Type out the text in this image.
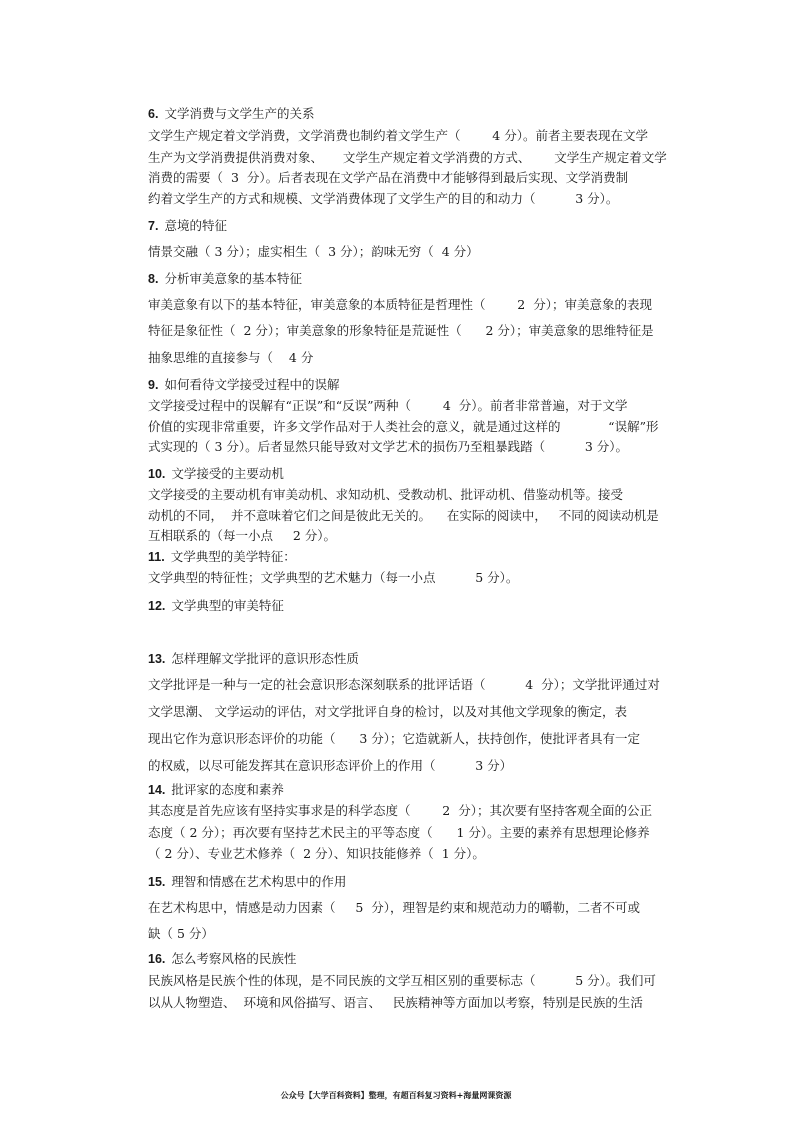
6. 文学消费与文学生产的关系
文学生产规定着文学消费，文学消费也制约着文学生产（        4 分）。前者主要表现在文学
生产为文学消费提供消费对象、     文学生产规定着文学消费的方式、      文学生产规定着文学
消费的需要（  3  分）。后者表现在文学产品在消费中才能够得到最后实现、文学消费制
约着文学生产的方式和规模、文学消费体现了文学生产的目的和动力（          3 分）。
7. 意境的特征
情景交融（ 3 分）；虚实相生（  3 分）；韵味无穷（  4 分）
8. 分析审美意象的基本特征
审美意象有以下的基本特征，审美意象的本质特征是哲理性（        2  分）；审美意象的表现
特征是象征性（  2 分）；审美意象的形象特征是荒诞性（      2 分）；审美意象的思维特征是
抽象思维的直接参与（    4 分
9. 如何看待文学接受过程中的误解
文学接受过程中的误解有“正误”和“反误”两种（        4  分）。前者非常普遍，对于文学
价值的实现非常重要，许多文学作品对于人类社会的意义，就是通过这样的            “误解”形
式实现的（ 3 分）。后者显然只能导致对文学艺术的损伤乃至粗暴践踏（          3 分）。
10. 文学接受的主要动机
文学接受的主要动机有审美动机、求知动机、受教动机、批评动机、借鉴动机等。接受
动机的不同，  并不意味着它们之间是彼此无关的。    在实际的阅读中，   不同的阅读动机是
互相联系的（每一小点     2 分）。
11. 文学典型的美学特征：
文学典型的特征性；文学典型的艺术魅力（每一小点          5 分）。
12. 文学典型的审美特征
13. 怎样理解文学批评的意识形态性质
文学批评是一种与一定的社会意识形态深刻联系的批评话语（          4  分）；文学批评通过对
文学思潮、 文学运动的评估，对文学批评自身的检讨，以及对其他文学现象的衡定，表
现出它作为意识形态评价的功能（      3 分）；它造就新人，扶持创作，使批评者具有一定
的权威，以尽可能发挥其在意识形态评价上的作用（          3 分）
14. 批评家的态度和素养
其态度是首先应该有坚持实事求是的科学态度（        2  分）；其次要有坚持客观全面的公正
态度（ 2 分）；再次要有坚持艺术民主的平等态度（      1 分）。主要的素养有思想理论修养
（ 2 分）、专业艺术修养（  2 分）、知识技能修养（  1 分）。
15. 理智和情感在艺术构思中的作用
在艺术构思中，情感是动力因素（     5  分），理智是约束和规范动力的嚼勒，二者不可或
缺（ 5 分）
16. 怎么考察风格的民族性
民族风格是民族个性的体现，是不同民族的文学互相区别的重要标志（          5 分）。我们可
以从人物塑造、  环境和风俗描写、语言、   民族精神等方面加以考察，特别是民族的生活
公众号【大学百科资料】整理，有超百科复习资料+海量网课资源
